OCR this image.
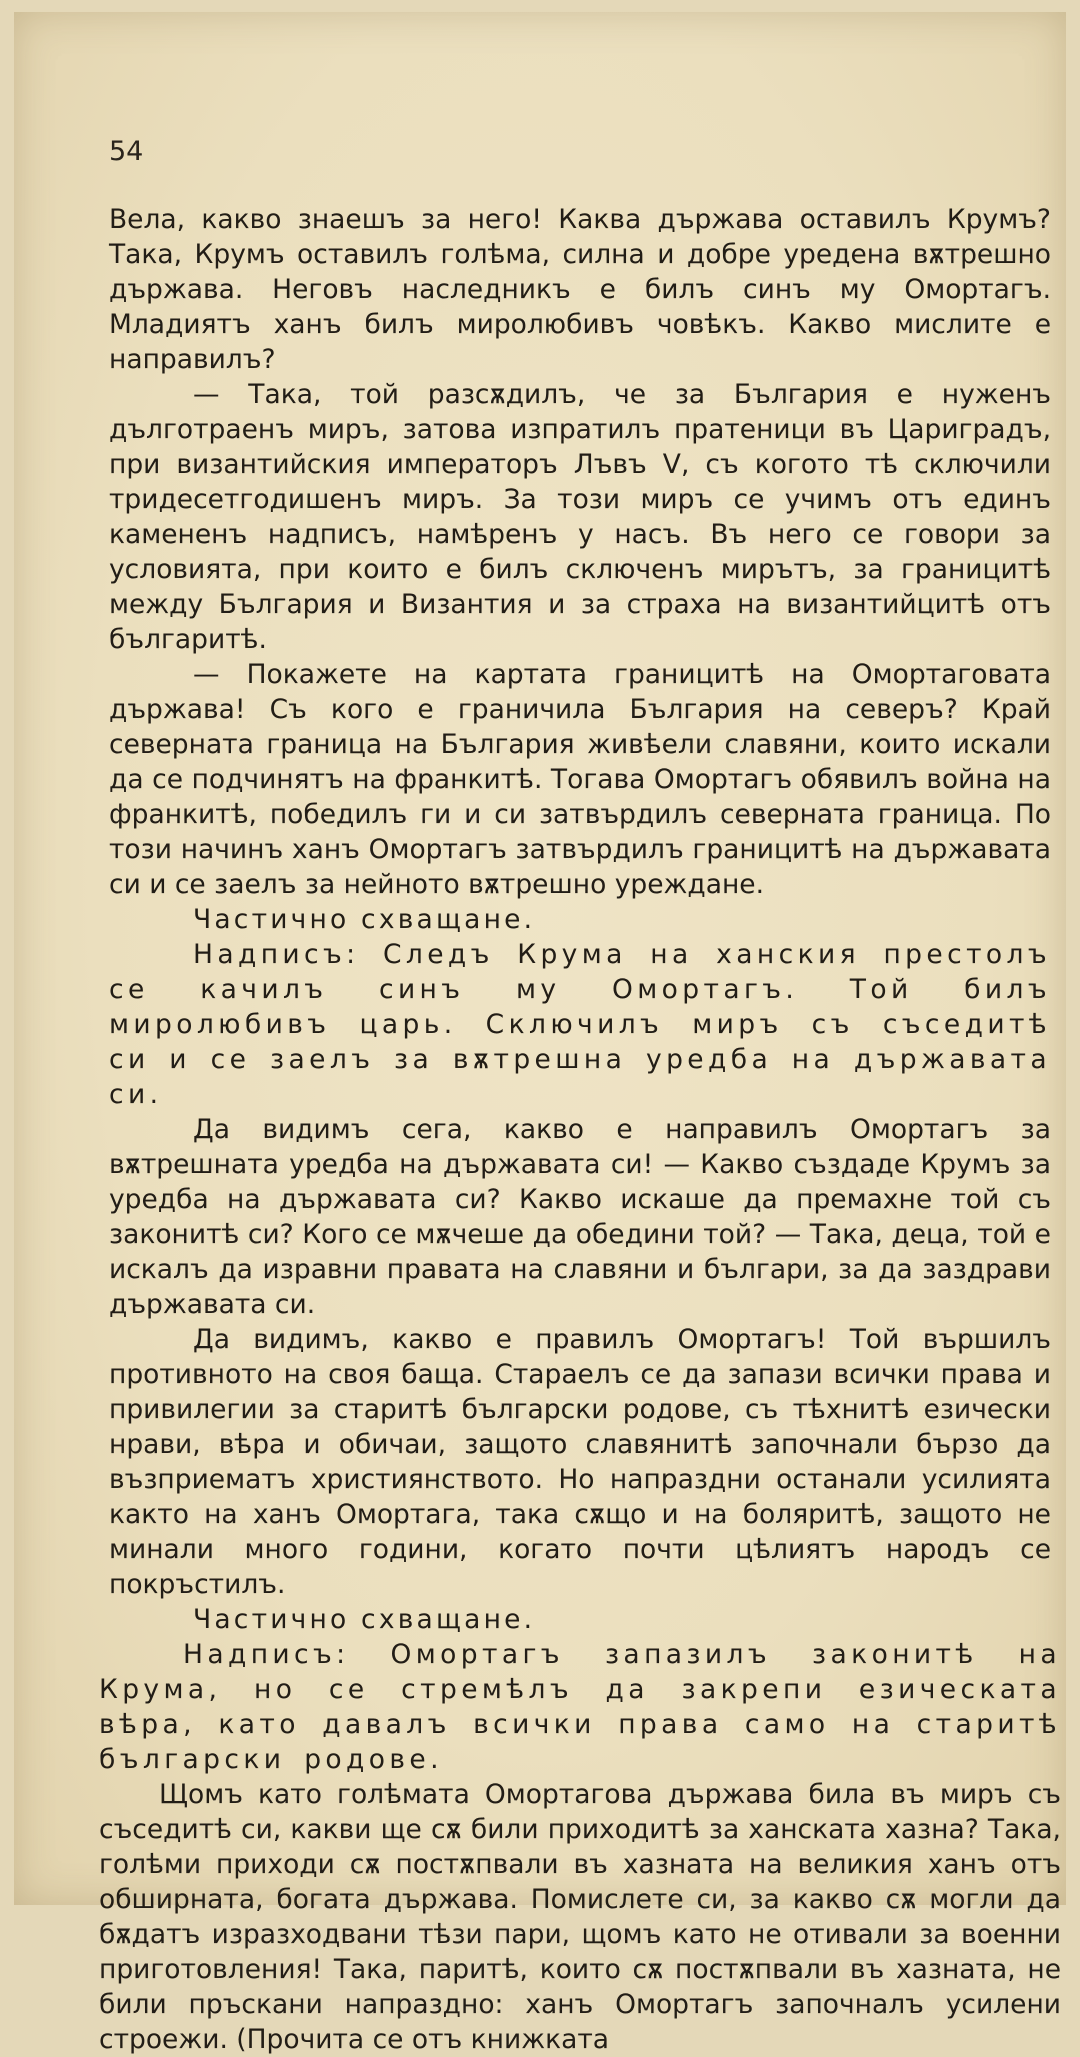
54

Вела, какво знаешъ за него! Каква държава оставилъ Крумъ? Така, Крумъ оставилъ голѣма, силна и добре уредена вѫтрешно държава. Неговъ наследникъ е билъ синъ му Омортагъ. Младиятъ ханъ билъ миролюбивъ човѣкъ. Какво мислите е направилъ?

— Така, той разсѫдилъ, че за България е нуженъ дълготраенъ миръ, затова изпратилъ пратеници въ Цариградъ, при византийския императоръ Лъвъ V, съ когото тѣ сключили тридесетгодишенъ миръ. За този миръ се учимъ отъ единъ камененъ надписъ, намѣренъ у насъ. Въ него се говори за условията, при които е билъ сключенъ мирътъ, за границитѣ между България и Византия и за страха на византийцитѣ отъ българитѣ.

— Покажете на картата границитѣ на Омортаговата държава! Съ кого е граничила България на северъ? Край северната граница на България живѣели славяни, които искали да се подчинятъ на франкитѣ. Тогава Омортагъ обявилъ война на франкитѣ, победилъ ги и си затвърдилъ северната граница. По този начинъ ханъ Омортагъ затвърдилъ границитѣ на държавата си и се заелъ за нейното вѫтрешно уреждане.

Частично схващане.

Надписъ: Следъ Крума на ханския престолъ се качилъ синъ му Омортагъ. Той билъ миролюбивъ царь. Сключилъ миръ съ съседитѣ си и се заелъ за вѫтрешна уредба на държавата си.

Да видимъ сега, какво е направилъ Омортагъ за вѫтрешната уредба на държавата си! — Какво създаде Крумъ за уредба на държавата си? Какво искаше да премахне той съ законитѣ си? Кого се мѫчеше да обедини той? — Така, деца, той е искалъ да изравни правата на славяни и българи, за да заздрави държавата си.

Да видимъ, какво е правилъ Омортагъ! Той вършилъ противното на своя баща. Стараелъ се да запази всички права и привилегии за старитѣ български родове, съ тѣхнитѣ езически нрави, вѣра и обичаи, защото славянитѣ започнали бързо да възприематъ християнството. Но напраздни останали усилията както на ханъ Омортага, така сѫщо и на боляритѣ, защото не минали много години, когато почти цѣлиятъ народъ се покръстилъ.

Частично схващане.

Надписъ: Омортагъ запазилъ законитѣ на Крума, но се стремѣлъ да закрепи езическата вѣра, като давалъ всички права само на старитѣ български родове.

Щомъ като голѣмата Омортагова държава била въ миръ съ съседитѣ си, какви ще сѫ били приходитѣ за ханската хазна? Така, голѣми приходи сѫ постѫпвали въ хазната на великия ханъ отъ обширната, богата държава. Помислете си, за какво сѫ могли да бѫдатъ изразходвани тѣзи пари, щомъ като не отивали за военни приготовления! Така, паритѣ, които сѫ постѫпвали въ хазната, не били пръскани напраздно: ханъ Омортагъ започналъ усилени строежи. (Прочита се отъ книжката
